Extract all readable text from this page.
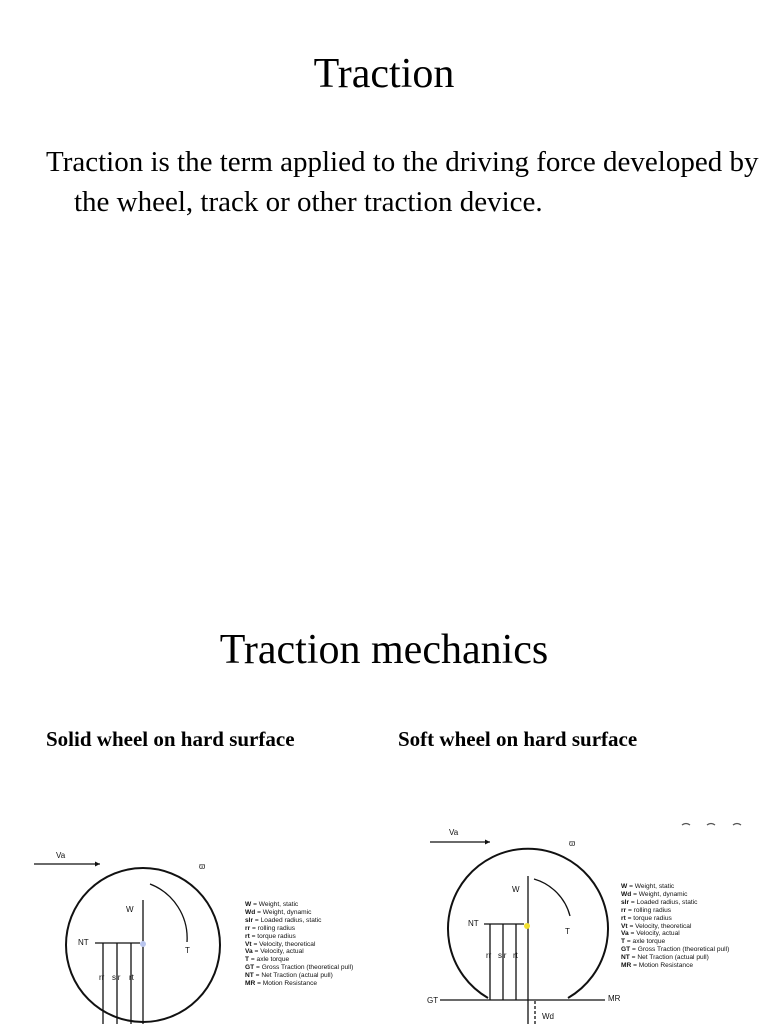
Traction
Traction is the term applied to the driving force developed by the wheel, track or other traction device.
Traction mechanics
Solid wheel on hard surface	Soft wheel on hard surface
Va
ϖ
W
NT
T
rr slr rt
Va
ϖ
W
NT
T
rr slr rt
GT	MR
Wd
W = Weight, static
Wd = Weight, dynamic
slr = Loaded radius, static
rr = rolling radius
rt = torque radius
Vt = Velocity, theoretical
Va = Velocity, actual
T = axle torque
GT = Gross Traction (theoretical pull)
NT = Net Traction (actual pull)
MR = Motion Resistance
W = Weight, static
Wd = Weight, dynamic
slr = Loaded radius, static
rr = rolling radius
rt = torque radius
Vt = Velocity, theoretical
Va = Velocity, actual
T = axle torque
GT = Gross Traction (theoretical pull)
NT = Net Traction (actual pull)
MR = Motion Resistance
